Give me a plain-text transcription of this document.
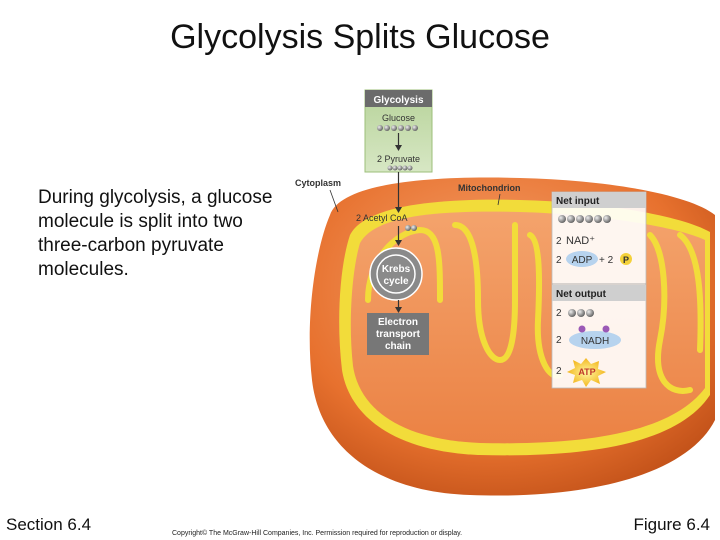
Glycolysis Splits Glucose
During glycolysis, a glucose molecule is split into two three-carbon pyruvate molecules.
Glycolysis
Glucose
2 Pyruvate
Cytoplasm	Mitochondrion
2 Acetyl CoA
Krebs
cycle
Electron
transport
chain
Net input
2 NAD⁺
2 ADP + 2 P
Net output
2
2 NADH
2 ATP
Section 6.4	Copyright© The McGraw-Hill Companies, Inc. Permission required for reproduction or display.	Figure 6.4
